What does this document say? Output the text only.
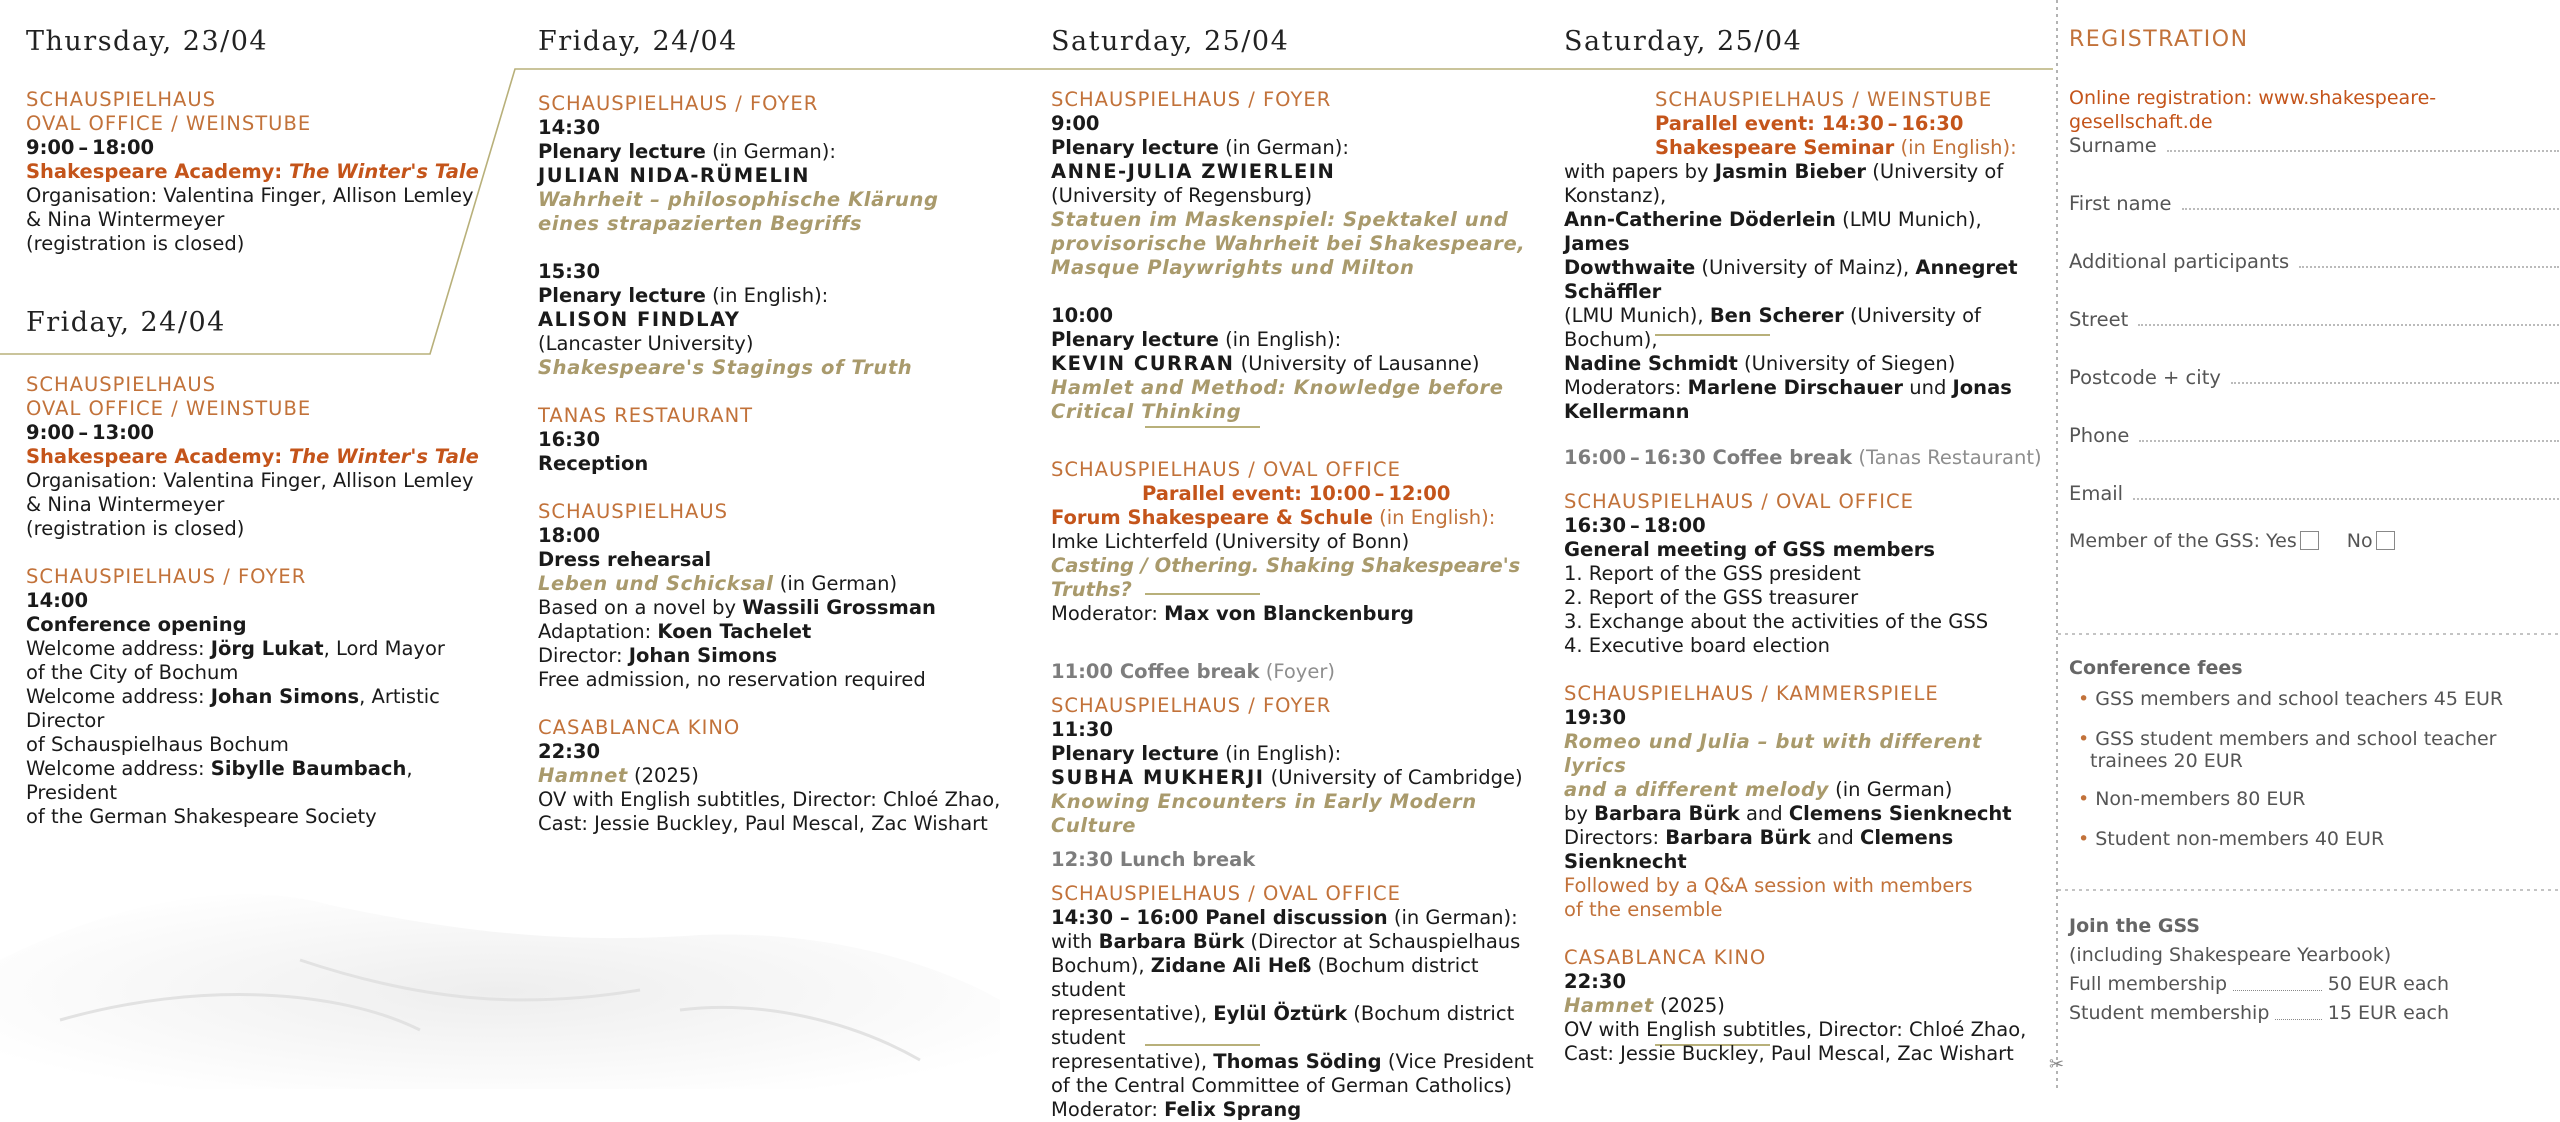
✂
Thursday, 23/04
SCHAUSPIELHAUS
OVAL OFFICE / WEINSTUBE
9:00 – 18:00
Shakespeare Academy: The Winter's Tale
Organisation: Valentina Finger, Allison Lemley
& Nina Wintermeyer
(registration is closed)
Friday, 24/04
SCHAUSPIELHAUS
OVAL OFFICE / WEINSTUBE
9:00 – 13:00
Shakespeare Academy: The Winter's Tale
Organisation: Valentina Finger, Allison Lemley
& Nina Wintermeyer
(registration is closed)
SCHAUSPIELHAUS / FOYER
14:00
Conference opening
Welcome address: Jörg Lukat, Lord Mayor
of the City of Bochum
Welcome address: Johan Simons, Artistic Director
of Schauspielhaus Bochum
Welcome address: Sibylle Baumbach, President
of the German Shakespeare Society
Friday, 24/04
SCHAUSPIELHAUS / FOYER
14:30
Plenary lecture (in German):
JULIAN NIDA-RÜMELIN
Wahrheit – philosophische Klärung
eines strapazierten Begriffs
15:30
Plenary lecture (in English):
ALISON FINDLAY
(Lancaster University)
Shakespeare's Stagings of Truth
TANAS RESTAURANT
16:30
Reception
SCHAUSPIELHAUS
18:00
Dress rehearsal
Leben und Schicksal (in German)
Based on a novel by Wassili Grossman
Adaptation: Koen Tachelet
Director: Johan Simons
Free admission, no reservation required
CASABLANCA KINO
22:30
Hamnet (2025)
OV with English subtitles, Director: Chloé Zhao,
Cast: Jessie Buckley, Paul Mescal, Zac Wishart
Saturday, 25/04
SCHAUSPIELHAUS / FOYER
9:00
Plenary lecture (in German):
ANNE-JULIA ZWIERLEIN
(University of Regensburg)
Statuen im Maskenspiel: Spektakel und
provisorische Wahrheit bei Shakespeare,
Masque Playwrights und Milton
10:00
Plenary lecture (in English):
KEVIN CURRAN (University of Lausanne)
Hamlet and Method: Knowledge before
Critical Thinking
SCHAUSPIELHAUS / OVAL OFFICE
Parallel event: 10:00 – 12:00
Forum Shakespeare & Schule (in English):
Imke Lichterfeld (University of Bonn)
Casting / Othering. Shaking Shakespeare's Truths?
Moderator: Max von Blanckenburg
11:00 Coffee break (Foyer)
SCHAUSPIELHAUS / FOYER
11:30
Plenary lecture (in English):
SUBHA MUKHERJI (University of Cambridge)
Knowing Encounters in Early Modern
Culture
12:30 Lunch break
SCHAUSPIELHAUS / OVAL OFFICE
14:30 – 16:00 Panel discussion (in German):
with Barbara Bürk (Director at Schauspielhaus
Bochum), Zidane Ali Heß (Bochum district student
representative), Eylül Öztürk (Bochum district student
representative), Thomas Söding (Vice President
of the Central Committee of German Catholics)
Moderator: Felix Sprang
Saturday, 25/04
SCHAUSPIELHAUS / WEINSTUBE
Parallel event: 14:30 – 16:30
Shakespeare Seminar (in English):
with papers by Jasmin Bieber (University of Konstanz),
Ann-Catherine Döderlein (LMU Munich), James
Dowthwaite (University of Mainz), Annegret Schäffler
(LMU Munich), Ben Scherer (University of Bochum),
Nadine Schmidt (University of Siegen)
Moderators: Marlene Dirschauer und Jonas
Kellermann
16:00 – 16:30 Coffee break (Tanas Restaurant)
SCHAUSPIELHAUS / OVAL OFFICE
16:30 – 18:00
General meeting of GSS members
1. Report of the GSS president
2. Report of the GSS treasurer
3. Exchange about the activities of the GSS
4. Executive board election
SCHAUSPIELHAUS / KAMMERSPIELE
19:30
Romeo und Julia – but with different lyrics
and a different melody (in German)
by Barbara Bürk and Clemens Sienknecht
Directors: Barbara Bürk and Clemens Sienknecht
Followed by a Q&A session with members
of the ensemble
CASABLANCA KINO
22:30
Hamnet (2025)
OV with English subtitles, Director: Chloé Zhao,
Cast: Jessie Buckley, Paul Mescal, Zac Wishart
REGISTRATION
Online registration: www.shakespeare-gesellschaft.de
Surname
First name
Additional participants
Street
Postcode + city
Phone
Email
Member of the GSS: Yes	No
Conference fees
• GSS members and school teachers 45 EUR
• GSS student members and school teacher
trainees 20 EUR
• Non-members 80 EUR
• Student non-members 40 EUR
Join the GSS
(including Shakespeare Yearbook)
Full membership	50 EUR each
Student membership	15 EUR each
